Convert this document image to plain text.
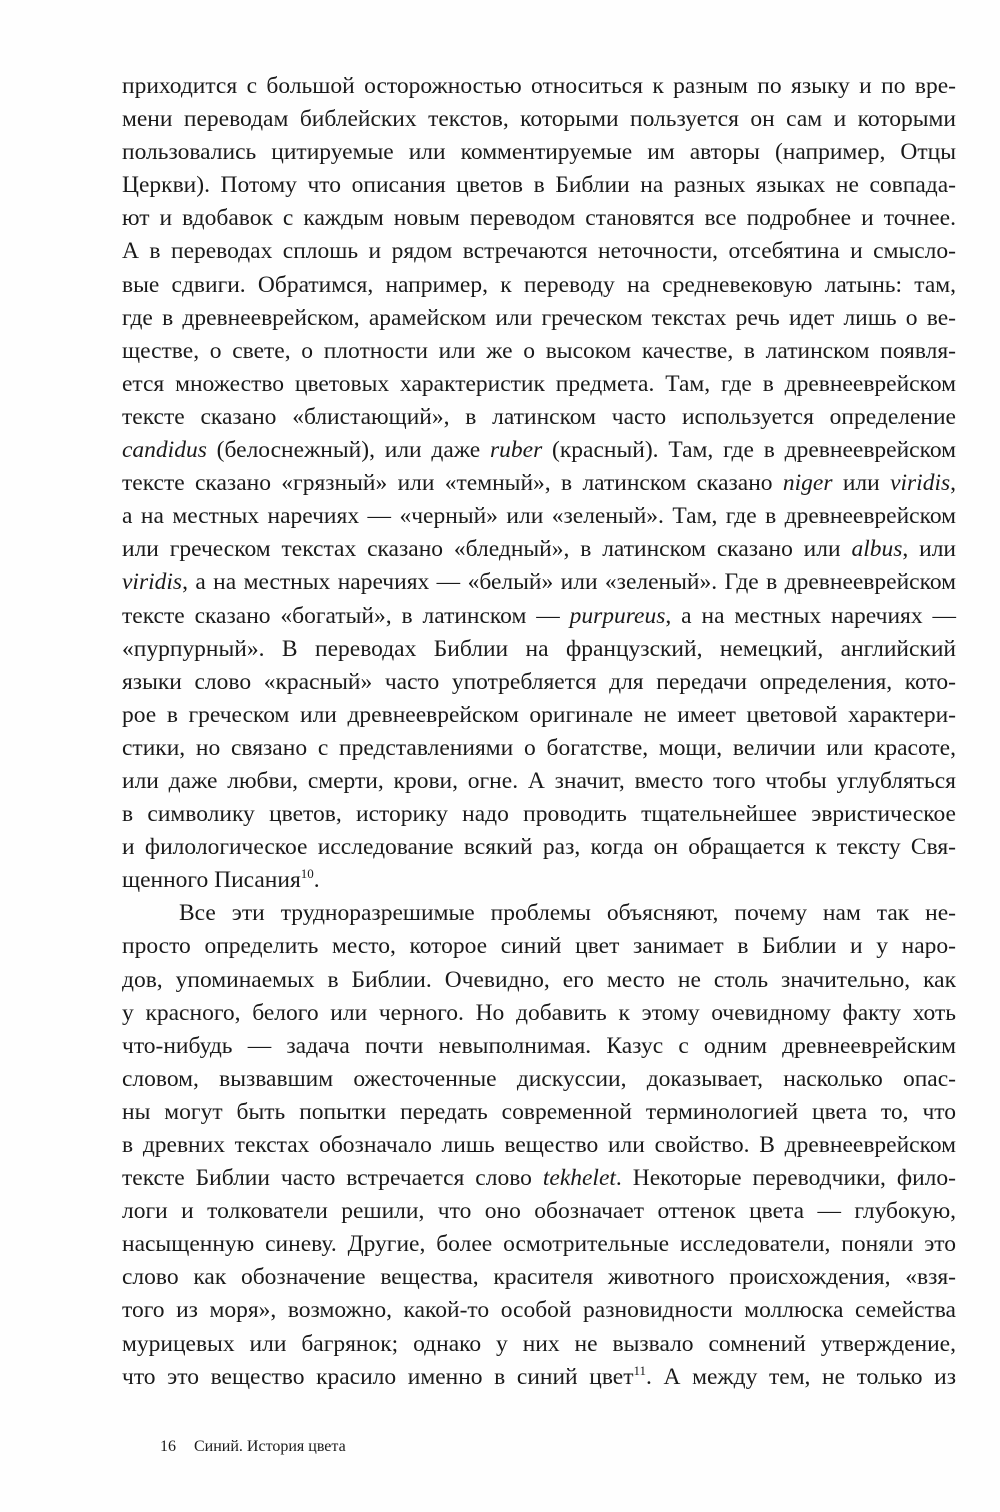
приходится с большой осторожностью относиться к разным по языку и по вре-
мени переводам библейских текстов, которыми пользуется он сам и которыми
пользовались цитируемые или комментируемые им авторы (например, Отцы
Церкви). Потому что описания цветов в Библии на разных языках не совпада-
ют и вдобавок с каждым новым переводом становятся все подробнее и точнее.
А в переводах сплошь и рядом встречаются неточности, отсебятина и смысло-
вые сдвиги. Обратимся, например, к переводу на средневековую латынь: там,
где в древнееврейском, арамейском или греческом текстах речь идет лишь о ве-
ществе, о свете, о плотности или же о высоком качестве, в латинском появля-
ется множество цветовых характеристик предмета. Там, где в древнееврейском
тексте сказано «блистающий», в латинском часто используется определение
candidus (белоснежный), или даже ruber (красный). Там, где в древнееврейском
тексте сказано «грязный» или «темный», в латинском сказано niger или viridis,
а на местных наречиях — «черный» или «зеленый». Там, где в древнееврейском
или греческом текстах сказано «бледный», в латинском сказано или albus, или
viridis, а на местных наречиях — «белый» или «зеленый». Где в древнееврейском
тексте сказано «богатый», в латинском — purpureus, а на местных наречиях —
«пурпурный». В переводах Библии на французский, немецкий, английский
языки слово «красный» часто употребляется для передачи определения, кото-
рое в греческом или древнееврейском оригинале не имеет цветовой характери-
стики, но связано с представлениями о богатстве, мощи, величии или красоте,
или даже любви, смерти, крови, огне. А значит, вместо того чтобы углубляться
в символику цветов, историку надо проводить тщательнейшее эвристическое
и филологическое исследование всякий раз, когда он обращается к тексту Свя-
щенного Писания$^{10}$.
Все эти трудноразрешимые проблемы объясняют, почему нам так не-
просто определить место, которое синий цвет занимает в Библии и у наро-
дов, упоминаемых в Библии. Очевидно, его место не столь значительно, как
у красного, белого или черного. Но добавить к этому очевидному факту хоть
что-нибудь — задача почти невыполнимая. Казус с одним древнееврейским
словом, вызвавшим ожесточенные дискуссии, доказывает, насколько опас-
ны могут быть попытки передать современной терминологией цвета то, что
в древних текстах обозначало лишь вещество или свойство. В древнееврейском
тексте Библии часто встречается слово tekhelet. Некоторые переводчики, фило-
логи и толкователи решили, что оно обозначает оттенок цвета — глубокую,
насыщенную синеву. Другие, более осмотрительные исследователи, поняли это
слово как обозначение вещества, красителя животного происхождения, «взя-
того из моря», возможно, какой-то особой разновидности моллюска семейства
мурицевых или багрянок; однако у них не вызвало сомнений утверждение,
что это вещество красило именно в синий цвет$^{11}$. А между тем, не только из
16 Синий. История цвета
